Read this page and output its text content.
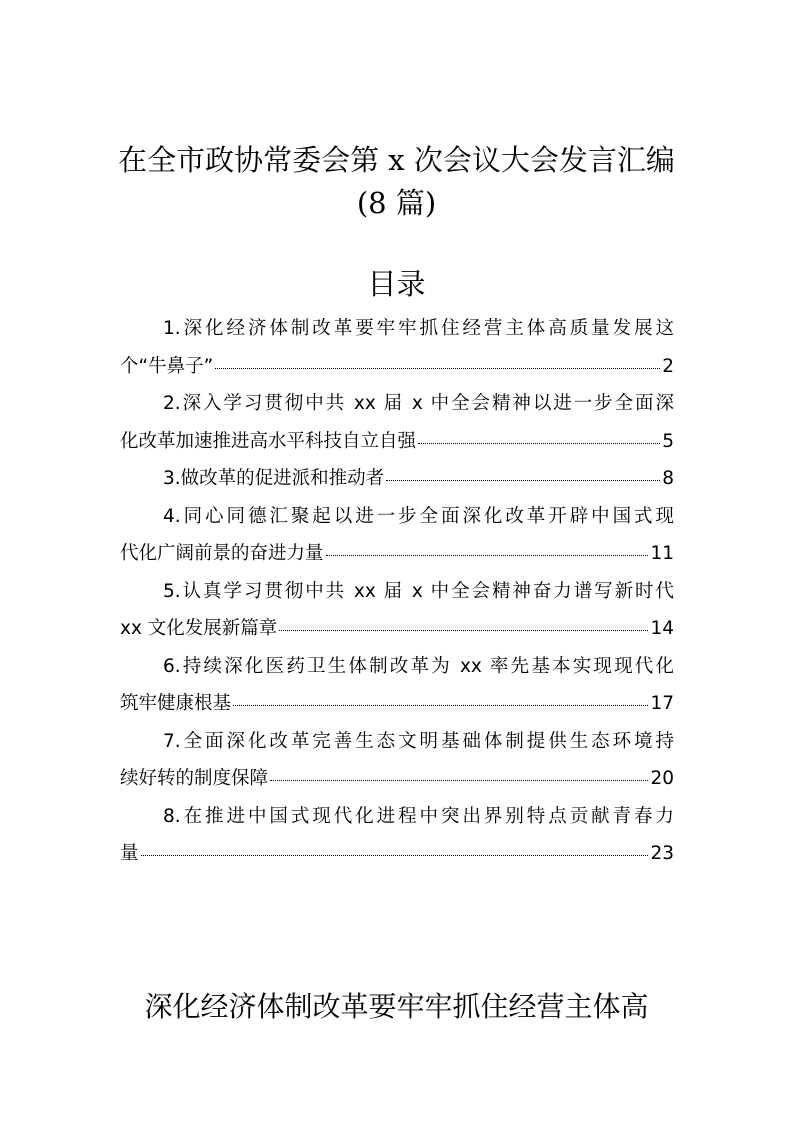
在全市政协常委会第 x 次会议大会发言汇编
(8 篇)
目录
1.深化经济体制改革要牢牢抓住经营主体高质量发展这
个“牛鼻子”	2
2.深入学习贯彻中共 xx 届 x 中全会精神以进一步全面深
化改革加速推进高水平科技自立自强	5
3.做改革的促进派和推动者	8
4.同心同德汇聚起以进一步全面深化改革开辟中国式现
代化广阔前景的奋进力量	11
5.认真学习贯彻中共 xx 届 x 中全会精神奋力谱写新时代
xx 文化发展新篇章	14
6.持续深化医药卫生体制改革为 xx 率先基本实现现代化
筑牢健康根基	17
7.全面深化改革完善生态文明基础体制提供生态环境持
续好转的制度保障	20
8.在推进中国式现代化进程中突出界别特点贡献青春力
量	23
深化经济体制改革要牢牢抓住经营主体高
